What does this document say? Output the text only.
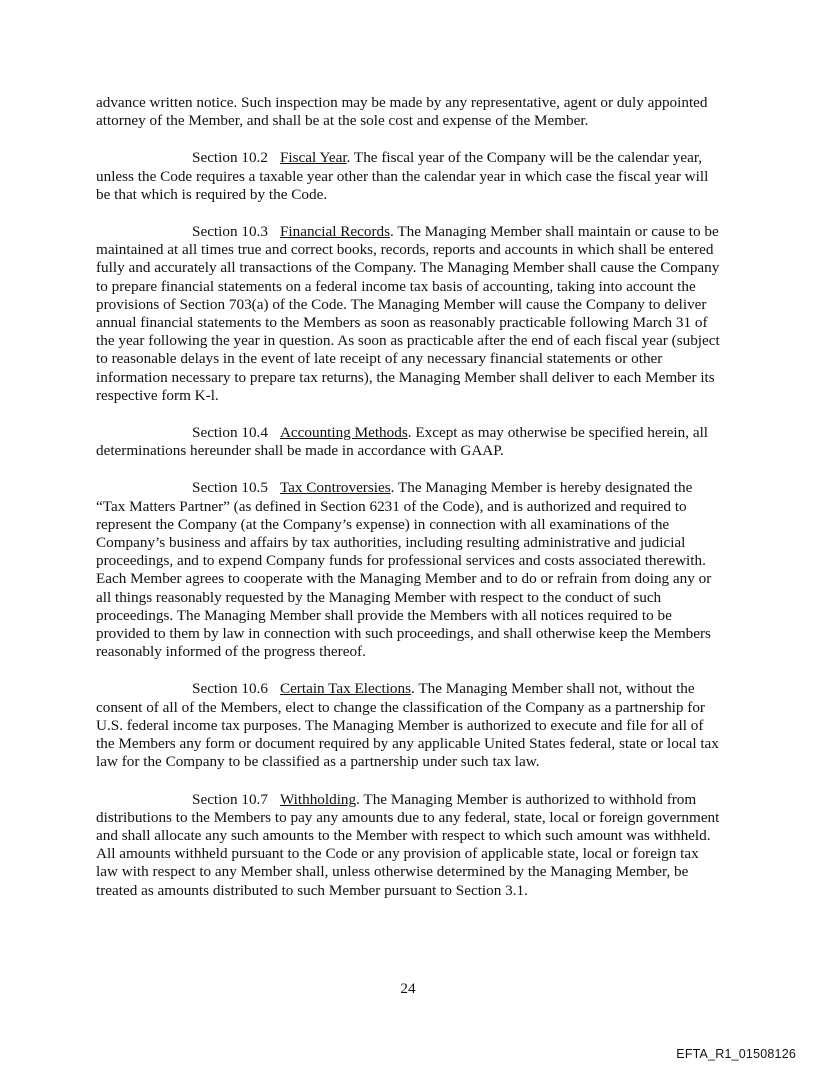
advance written notice. Such inspection may be made by any representative, agent or duly appointed attorney of the Member, and shall be at the sole cost and expense of the Member.

Section 10.2 Fiscal Year. The fiscal year of the Company will be the calendar year, unless the Code requires a taxable year other than the calendar year in which case the fiscal year will be that which is required by the Code.

Section 10.3 Financial Records. The Managing Member shall maintain or cause to be maintained at all times true and correct books, records, reports and accounts in which shall be entered fully and accurately all transactions of the Company. The Managing Member shall cause the Company to prepare financial statements on a federal income tax basis of accounting, taking into account the provisions of Section 703(a) of the Code. The Managing Member will cause the Company to deliver annual financial statements to the Members as soon as reasonably practicable following March 31 of the year following the year in question. As soon as practicable after the end of each fiscal year (subject to reasonable delays in the event of late receipt of any necessary financial statements or other information necessary to prepare tax returns), the Managing Member shall deliver to each Member its respective form K-l.

Section 10.4 Accounting Methods. Except as may otherwise be specified herein, all determinations hereunder shall be made in accordance with GAAP.

Section 10.5 Tax Controversies. The Managing Member is hereby designated the “Tax Matters Partner” (as defined in Section 6231 of the Code), and is authorized and required to represent the Company (at the Company’s expense) in connection with all examinations of the Company’s business and affairs by tax authorities, including resulting administrative and judicial proceedings, and to expend Company funds for professional services and costs associated therewith. Each Member agrees to cooperate with the Managing Member and to do or refrain from doing any or all things reasonably requested by the Managing Member with respect to the conduct of such proceedings. The Managing Member shall provide the Members with all notices required to be provided to them by law in connection with such proceedings, and shall otherwise keep the Members reasonably informed of the progress thereof.

Section 10.6 Certain Tax Elections. The Managing Member shall not, without the consent of all of the Members, elect to change the classification of the Company as a partnership for U.S. federal income tax purposes. The Managing Member is authorized to execute and file for all of the Members any form or document required by any applicable United States federal, state or local tax law for the Company to be classified as a partnership under such tax law.

Section 10.7 Withholding. The Managing Member is authorized to withhold from distributions to the Members to pay any amounts due to any federal, state, local or foreign government and shall allocate any such amounts to the Member with respect to which such amount was withheld. All amounts withheld pursuant to the Code or any provision of applicable state, local or foreign tax law with respect to any Member shall, unless otherwise determined by the Managing Member, be treated as amounts distributed to such Member pursuant to Section 3.1.

24
EFTA_R1_01508126
